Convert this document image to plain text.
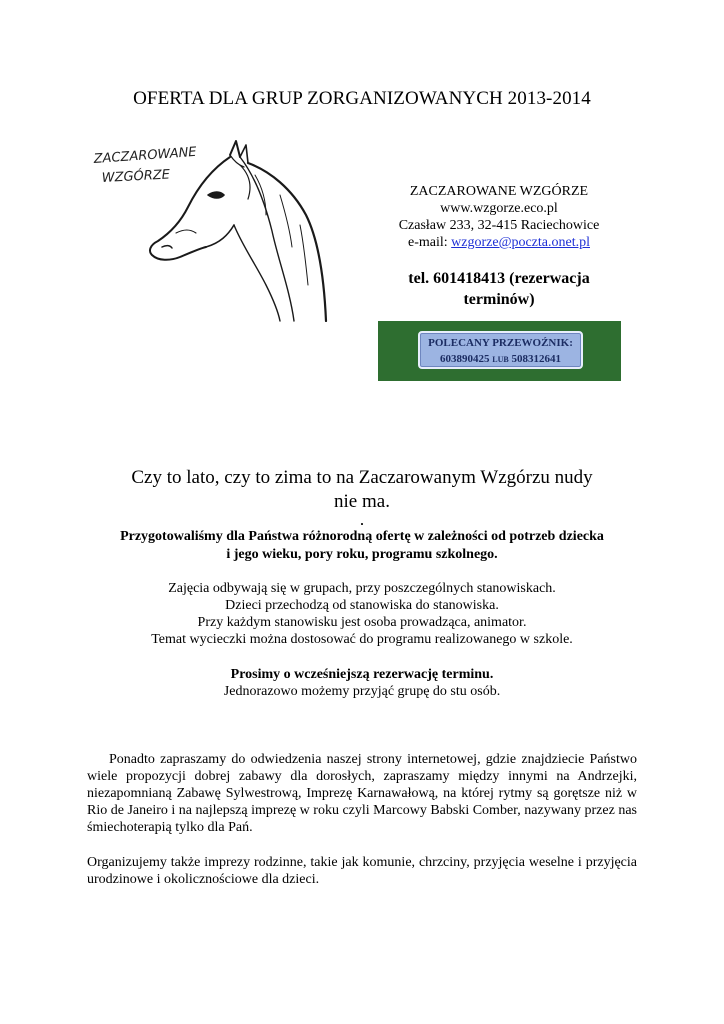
OFERTA DLA GRUP ZORGANIZOWANYCH 2013-2014
ZACZAROWANE
WZGÓRZE
ZACZAROWANE WZGÓRZE
www.wzgorze.eco.pl
Czasław 233, 32-415 Raciechowice
e-mail: wzgorze@poczta.onet.pl
tel. 601418413 (rezerwacja
terminów)
POLECANY PRZEWOŹNIK:
603890425 LUB 508312641
Czy to lato, czy to zima to na Zaczarowanym Wzgórzu nudy
nie ma.
.
Przygotowaliśmy dla Państwa różnorodną ofertę w zależności od potrzeb dziecka
i jego wieku, pory roku, programu szkolnego.
Zajęcia odbywają się w grupach, przy poszczególnych stanowiskach.
Dzieci przechodzą od stanowiska do stanowiska.
Przy każdym stanowisku jest osoba prowadząca, animator.
Temat wycieczki można dostosować do programu realizowanego w szkole.
Prosimy o wcześniejszą rezerwację terminu.
Jednorazowo możemy przyjąć grupę do stu osób.
Ponadto zapraszamy do odwiedzenia naszej strony internetowej, gdzie znajdziecie Państwo wiele propozycji dobrej zabawy dla dorosłych, zapraszamy między innymi na Andrzejki, niezapomnianą Zabawę Sylwestrową, Imprezę Karnawałową, na której rytmy są gorętsze niż w Rio de Janeiro i na najlepszą imprezę w roku czyli Marcowy Babski Comber, nazywany przez nas śmiechoterapią tylko dla Pań.
Organizujemy także imprezy rodzinne, takie jak komunie, chrzciny, przyjęcia weselne i przyjęcia urodzinowe i okolicznościowe dla dzieci.
